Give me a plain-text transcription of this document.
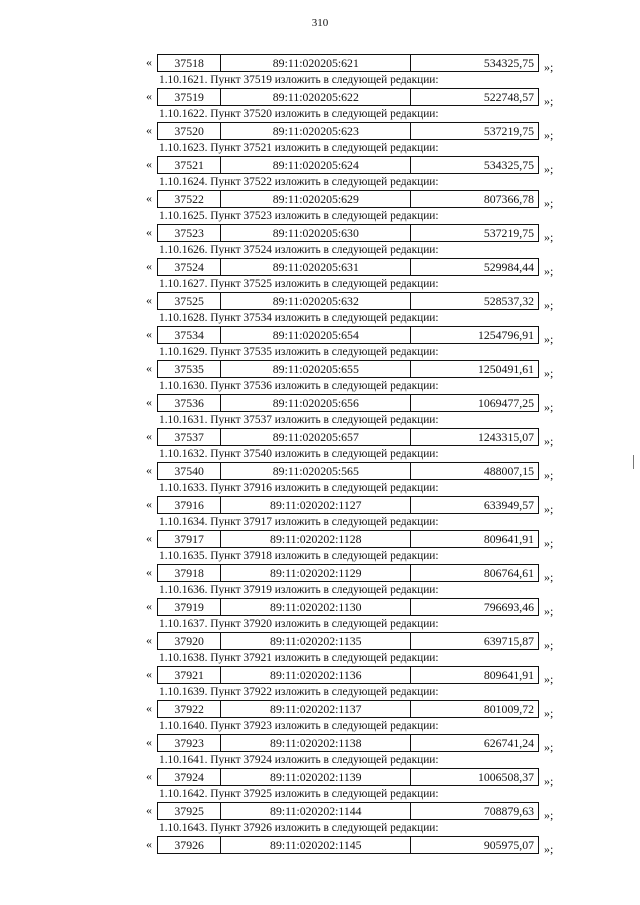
310
« 37518	89:11:020205:621	534325,75 »;
1.10.1621. Пункт 37519 изложить в следующей редакции:
« 37519	89:11:020205:622	522748,57 »;
1.10.1622. Пункт 37520 изложить в следующей редакции:
« 37520	89:11:020205:623	537219,75 »;
1.10.1623. Пункт 37521 изложить в следующей редакции:
« 37521	89:11:020205:624	534325,75 »;
1.10.1624. Пункт 37522 изложить в следующей редакции:
« 37522	89:11:020205:629	807366,78 »;
1.10.1625. Пункт 37523 изложить в следующей редакции:
« 37523	89:11:020205:630	537219,75 »;
1.10.1626. Пункт 37524 изложить в следующей редакции:
« 37524	89:11:020205:631	529984,44 »;
1.10.1627. Пункт 37525 изложить в следующей редакции:
« 37525	89:11:020205:632	528537,32 »;
1.10.1628. Пункт 37534 изложить в следующей редакции:
« 37534	89:11:020205:654	1254796,91 »;
1.10.1629. Пункт 37535 изложить в следующей редакции:
« 37535	89:11:020205:655	1250491,61 »;
1.10.1630. Пункт 37536 изложить в следующей редакции:
« 37536	89:11:020205:656	1069477,25 »;
1.10.1631. Пункт 37537 изложить в следующей редакции:
« 37537	89:11:020205:657	1243315,07 »;
1.10.1632. Пункт 37540 изложить в следующей редакции:
« 37540	89:11:020205:565	488007,15 »;
1.10.1633. Пункт 37916 изложить в следующей редакции:
« 37916	89:11:020202:1127	633949,57 »;
1.10.1634. Пункт 37917 изложить в следующей редакции:
« 37917	89:11:020202:1128	809641,91 »;
1.10.1635. Пункт 37918 изложить в следующей редакции:
« 37918	89:11:020202:1129	806764,61 »;
1.10.1636. Пункт 37919 изложить в следующей редакции:
« 37919	89:11:020202:1130	796693,46 »;
1.10.1637. Пункт 37920 изложить в следующей редакции:
« 37920	89:11:020202:1135	639715,87 »;
1.10.1638. Пункт 37921 изложить в следующей редакции:
« 37921	89:11:020202:1136	809641,91 »;
1.10.1639. Пункт 37922 изложить в следующей редакции:
« 37922	89:11:020202:1137	801009,72 »;
1.10.1640. Пункт 37923 изложить в следующей редакции:
« 37923	89:11:020202:1138	626741,24 »;
1.10.1641. Пункт 37924 изложить в следующей редакции:
« 37924	89:11:020202:1139	1006508,37 »;
1.10.1642. Пункт 37925 изложить в следующей редакции:
« 37925	89:11:020202:1144	708879,63 »;
1.10.1643. Пункт 37926 изложить в следующей редакции:
« 37926	89:11:020202:1145	905975,07 »;
